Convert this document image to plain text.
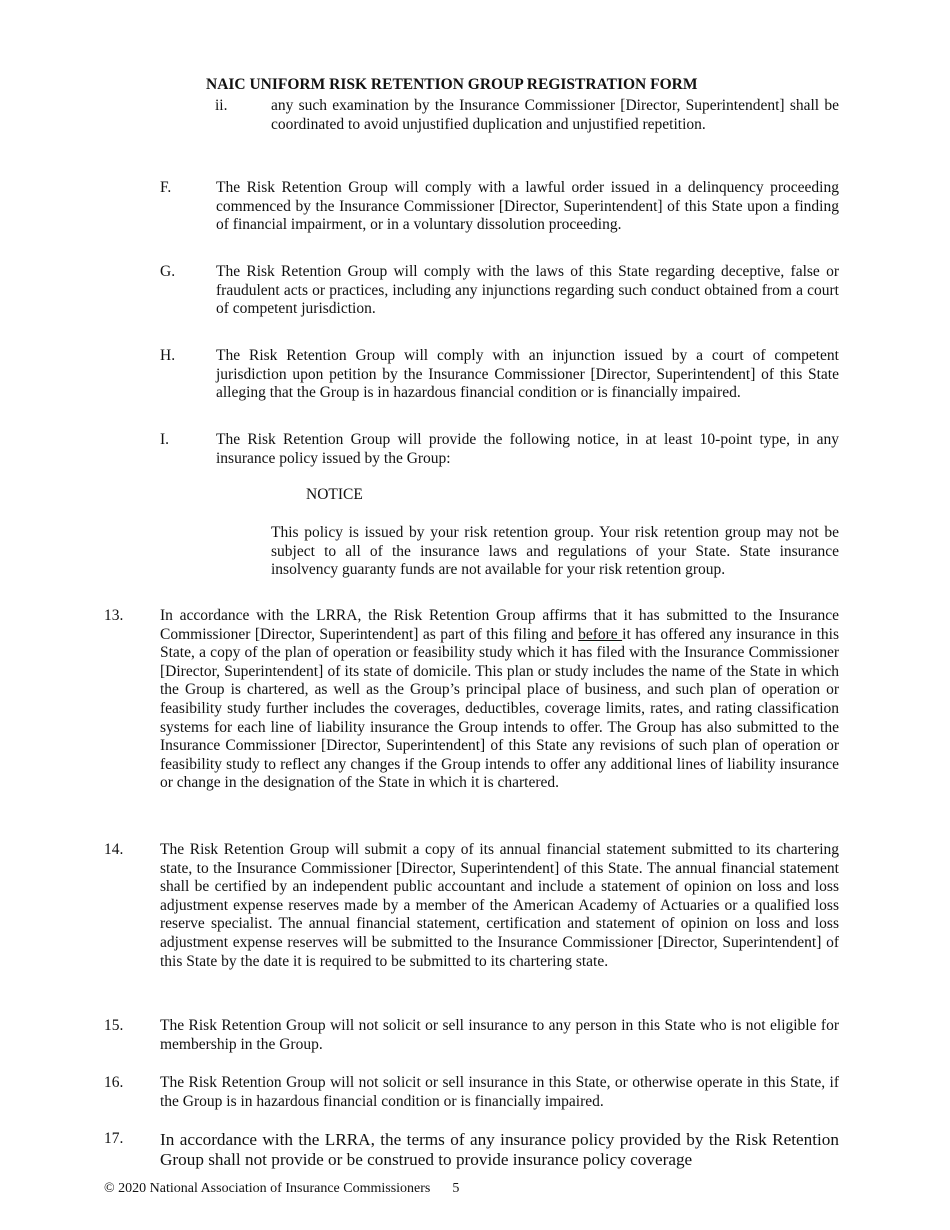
NAIC UNIFORM RISK RETENTION GROUP REGISTRATION FORM
ii.	any such examination by the Insurance Commissioner [Director, Superintendent] shall be coordinated to avoid unjustified duplication and unjustified repetition.
F.	The Risk Retention Group will comply with a lawful order issued in a delinquency proceeding commenced by the Insurance Commissioner [Director, Superintendent] of this State upon a finding of financial impairment, or in a voluntary dissolution proceeding.
G.	The Risk Retention Group will comply with the laws of this State regarding deceptive, false or fraudulent acts or practices, including any injunctions regarding such conduct obtained from a court of competent jurisdiction.
H.	The Risk Retention Group will comply with an injunction issued by a court of competent jurisdiction upon petition by the Insurance Commissioner [Director, Superintendent] of this State alleging that the Group is in hazardous financial condition or is financially impaired.
I.	The Risk Retention Group will provide the following notice, in at least 10-point type, in any insurance policy issued by the Group:
NOTICE
This policy is issued by your risk retention group. Your risk retention group may not be subject to all of the insurance laws and regulations of your State. State insurance insolvency guaranty funds are not available for your risk retention group.
13. In accordance with the LRRA, the Risk Retention Group affirms that it has submitted to the Insurance Commissioner [Director, Superintendent] as part of this filing and before it has offered any insurance in this State, a copy of the plan of operation or feasibility study which it has filed with the Insurance Commissioner [Director, Superintendent] of its state of domicile. This plan or study includes the name of the State in which the Group is chartered, as well as the Group’s principal place of business, and such plan of operation or feasibility study further includes the coverages, deductibles, coverage limits, rates, and rating classification systems for each line of liability insurance the Group intends to offer. The Group has also submitted to the Insurance Commissioner [Director, Superintendent] of this State any revisions of such plan of operation or feasibility study to reflect any changes if the Group intends to offer any additional lines of liability insurance or change in the designation of the State in which it is chartered.
14. The Risk Retention Group will submit a copy of its annual financial statement submitted to its chartering state, to the Insurance Commissioner [Director, Superintendent] of this State. The annual financial statement shall be certified by an independent public accountant and include a statement of opinion on loss and loss adjustment expense reserves made by a member of the American Academy of Actuaries or a qualified loss reserve specialist. The annual financial statement, certification and statement of opinion on loss and loss adjustment expense reserves will be submitted to the Insurance Commissioner [Director, Superintendent] of this State by the date it is required to be submitted to its chartering state.
15. The Risk Retention Group will not solicit or sell insurance to any person in this State who is not eligible for membership in the Group.
16. The Risk Retention Group will not solicit or sell insurance in this State, or otherwise operate in this State, if the Group is in hazardous financial condition or is financially impaired.
17. In accordance with the LRRA, the terms of any insurance policy provided by the Risk Retention Group shall not provide or be construed to provide insurance policy coverage
© 2020 National Association of Insurance Commissioners 5
